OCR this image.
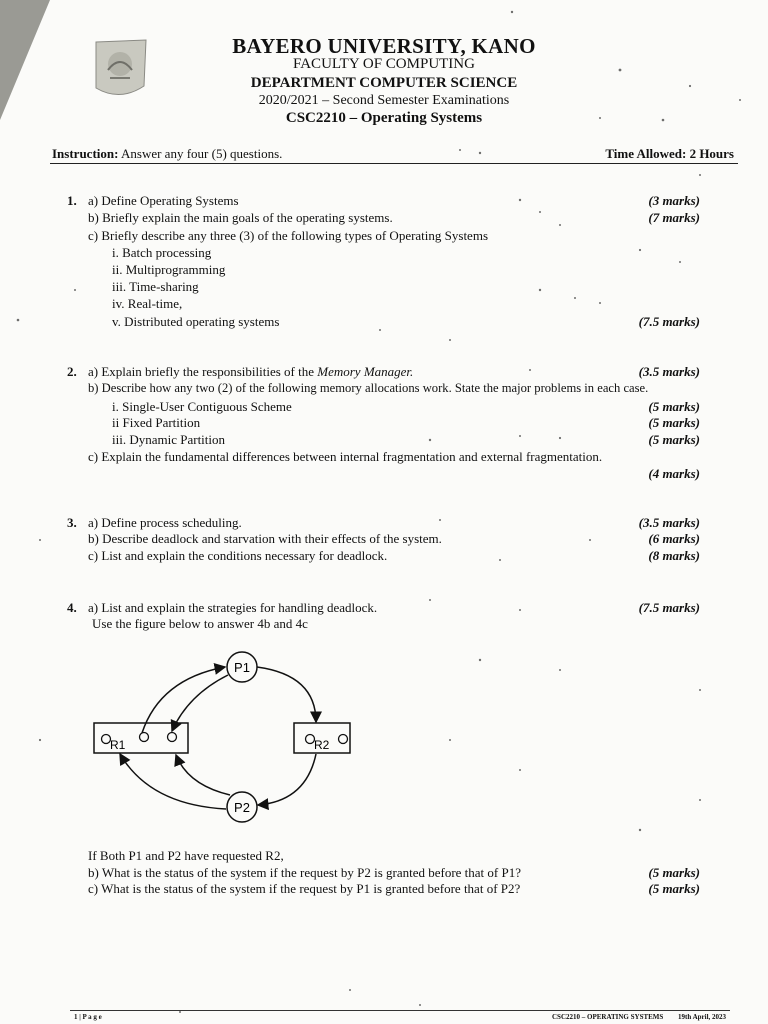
BAYERO UNIVERSITY, KANO
FACULTY OF COMPUTING
DEPARTMENT COMPUTER SCIENCE
2020/2021 – Second Semester Examinations
CSC2210 – Operating Systems
Instruction: Answer any four (5) questions.	Time Allowed: 2 Hours
1. a) Define Operating Systems	(3 marks)
b) Briefly explain the main goals of the operating systems.	(7 marks)
c) Briefly describe any three (3) of the following types of Operating Systems
i. Batch processing
ii. Multiprogramming
iii. Time-sharing
iv. Real-time,
v. Distributed operating systems	(7.5 marks)
2. a) Explain briefly the responsibilities of the Memory Manager.	(3.5 marks)
b) Describe how any two (2) of the following memory allocations work. State the major problems in each case.
i. Single-User Contiguous Scheme	(5 marks)
ii Fixed Partition	(5 marks)
iii. Dynamic Partition	(5 marks)
c) Explain the fundamental differences between internal fragmentation and external fragmentation.
(4 marks)
3. a) Define process scheduling.	(3.5 marks)
b) Describe deadlock and starvation with their effects of the system.	(6 marks)
c) List and explain the conditions necessary for deadlock.	(8 marks)
4. a) List and explain the strategies for handling deadlock.	(7.5 marks)
Use the figure below to answer 4b and 4c
R1	R2
P1
P2
If Both P1 and P2 have requested R2,
b) What is the status of the system if the request by P2 is granted before that of P1?	(5 marks)
c) What is the status of the system if the request by P1 is granted before that of P2?	(5 marks)
1 | P a g e	CSC2210 – OPERATING SYSTEMS 19th April, 2023
